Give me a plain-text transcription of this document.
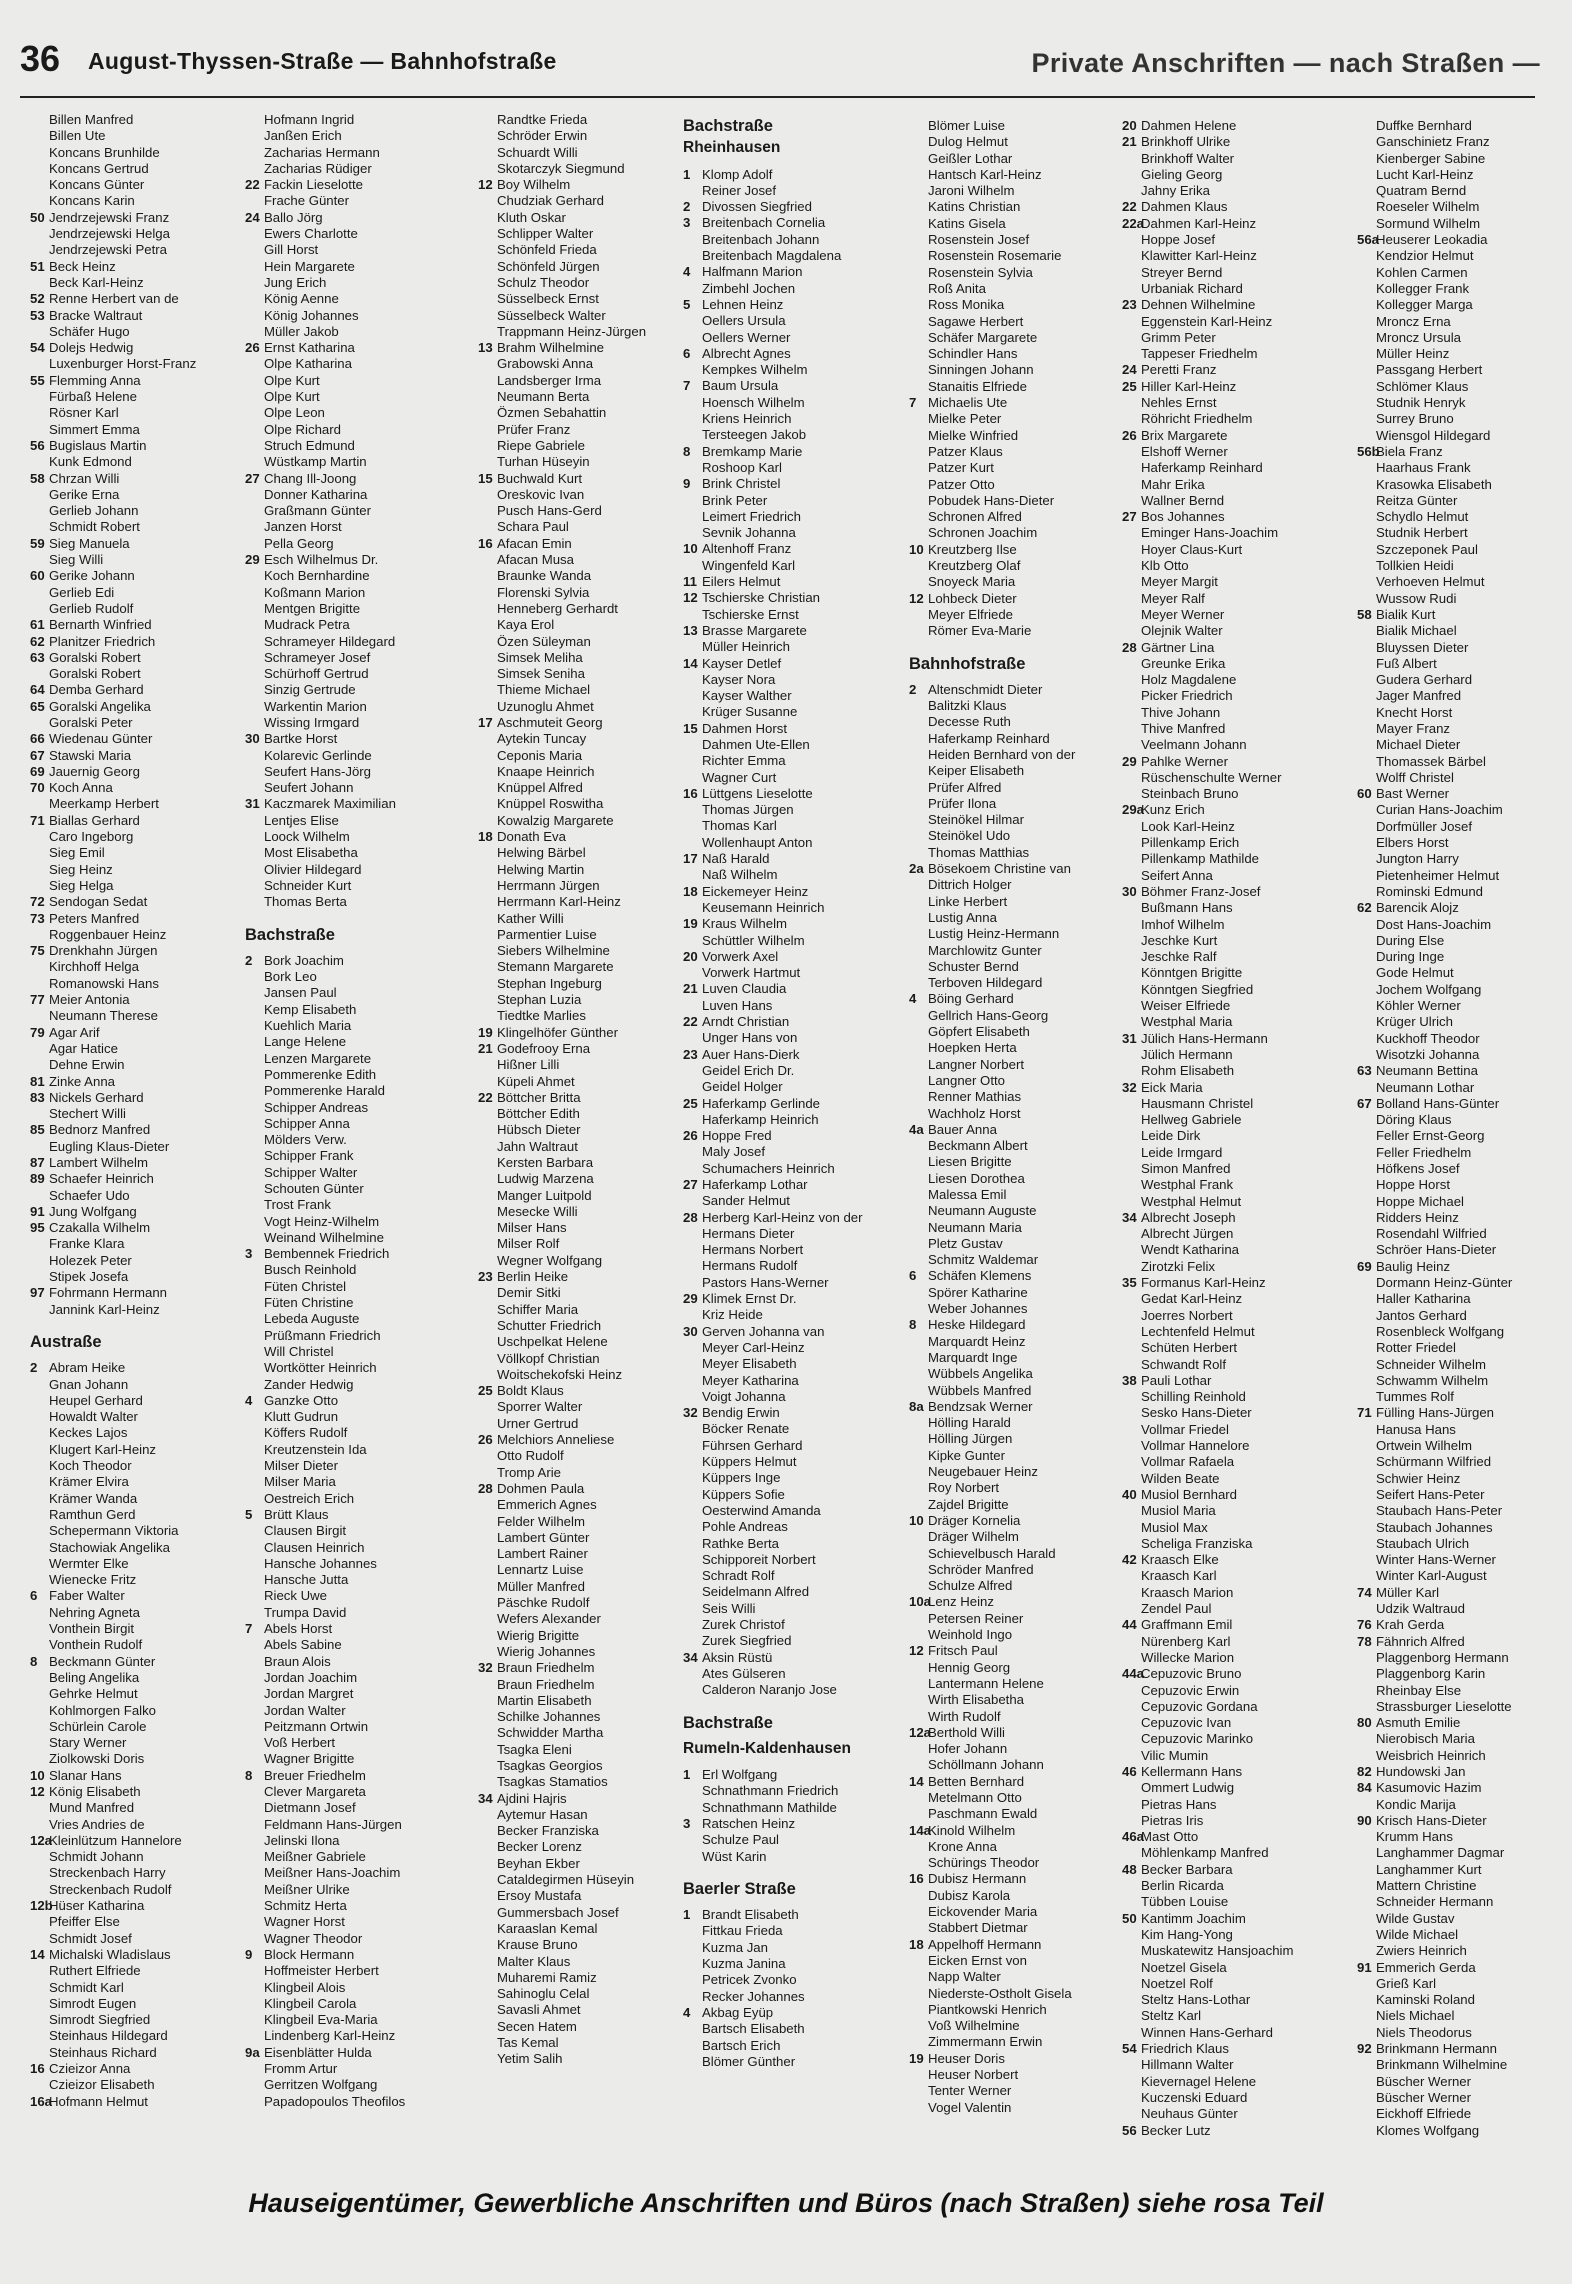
36 August-Thyssen-Straße — Bahnhofstraße	Private Anschriften — nach Straßen —
Billen Manfred
Billen Ute
Koncans Brunhilde
Koncans Gertrud
Koncans Günter
Koncans Karin
50 Jendrzejewski Franz
Jendrzejewski Helga
Jendrzejewski Petra
51 Beck Heinz
Beck Karl-Heinz
52 Renne Herbert van de
53 Bracke Waltraut
Schäfer Hugo
54 Dolejs Hedwig
Luxenburger Horst-Franz
55 Flemming Anna
Fürbaß Helene
Rösner Karl
Simmert Emma
56 Bugislaus Martin
Kunk Edmond
58 Chrzan Willi
Gerike Erna
Gerlieb Johann
Schmidt Robert
59 Sieg Manuela
Sieg Willi
60 Gerike Johann
Gerlieb Edi
Gerlieb Rudolf
61 Bernarth Winfried
62 Planitzer Friedrich
63 Goralski Robert
Goralski Robert
64 Demba Gerhard
65 Goralski Angelika
Goralski Peter
66 Wiedenau Günter
67 Stawski Maria
69 Jauernig Georg
70 Koch Anna
Meerkamp Herbert
71 Biallas Gerhard
Caro Ingeborg
Sieg Emil
Sieg Heinz
Sieg Helga
72 Sendogan Sedat
73 Peters Manfred
Roggenbauer Heinz
75 Drenkhahn Jürgen
Kirchhoff Helga
Romanowski Hans
77 Meier Antonia
Neumann Therese
79 Agar Arif
Agar Hatice
Dehne Erwin
81 Zinke Anna
83 Nickels Gerhard
Stechert Willi
85 Bednorz Manfred
Eugling Klaus-Dieter
87 Lambert Wilhelm
89 Schaefer Heinrich
Schaefer Udo
91 Jung Wolfgang
95 Czakalla Wilhelm
Franke Klara
Holezek Peter
Stipek Josefa
97 Fohrmann Hermann
Jannink Karl-Heinz
Austraße
2 Abram Heike
Gnan Johann
Heupel Gerhard
Howaldt Walter
Keckes Lajos
Klugert Karl-Heinz
Koch Theodor
Krämer Elvira
Krämer Wanda
Ramthun Gerd
Schepermann Viktoria
Stachowiak Angelika
Wermter Elke
Wienecke Fritz
6 Faber Walter
Nehring Agneta
Vonthein Birgit
Vonthein Rudolf
8 Beckmann Günter
Beling Angelika
Gehrke Helmut
Kohlmorgen Falko
Schürlein Carole
Stary Werner
Ziolkowski Doris
10 Slanar Hans
12 König Elisabeth
Mund Manfred
Vries Andries de
12aKleinlützum Hannelore
Schmidt Johann
Streckenbach Harry
Streckenbach Rudolf
12bHüser Katharina
Pfeiffer Else
Schmidt Josef
14 Michalski Wladislaus
Ruthert Elfriede
Schmidt Karl
Simrodt Eugen
Simrodt Siegfried
Steinhaus Hildegard
Steinhaus Richard
16 Czieizor Anna
Czieizor Elisabeth
16aHofmann Helmut
Hofmann Ingrid
Janßen Erich
Zacharias Hermann
Zacharias Rüdiger
22 Fackin Lieselotte
Frache Günter
24 Ballo Jörg
Ewers Charlotte
Gill Horst
Hein Margarete
Jung Erich
König Aenne
König Johannes
Müller Jakob
26 Ernst Katharina
Olpe Katharina
Olpe Kurt
Olpe Kurt
Olpe Leon
Olpe Richard
Struch Edmund
Wüstkamp Martin
27 Chang Ill-Joong
Donner Katharina
Graßmann Günter
Janzen Horst
Pella Georg
29 Esch Wilhelmus Dr.
Koch Bernhardine
Koßmann Marion
Mentgen Brigitte
Mudrack Petra
Schrameyer Hildegard
Schrameyer Josef
Schürhoff Gertrud
Sinzig Gertrude
Warkentin Marion
Wissing Irmgard
30 Bartke Horst
Kolarevic Gerlinde
Seufert Hans-Jörg
Seufert Johann
31 Kaczmarek Maximilian
Lentjes Elise
Loock Wilhelm
Most Elisabetha
Olivier Hildegard
Schneider Kurt
Thomas Berta
Bachstraße
2 Bork Joachim
Bork Leo
Jansen Paul
Kemp Elisabeth
Kuehlich Maria
Lange Helene
Lenzen Margarete
Pommerenke Edith
Pommerenke Harald
Schipper Andreas
Schipper Anna
Mölders Verw.
Schipper Frank
Schipper Walter
Schouten Günter
Trost Frank
Vogt Heinz-Wilhelm
Weinand Wilhelmine
3 Bembennek Friedrich
Busch Reinhold
Füten Christel
Füten Christine
Lebeda Auguste
Prüßmann Friedrich
Will Christel
Wortkötter Heinrich
Zander Hedwig
4 Ganzke Otto
Klutt Gudrun
Köffers Rudolf
Kreutzenstein Ida
Milser Dieter
Milser Maria
Oestreich Erich
5 Brütt Klaus
Clausen Birgit
Clausen Heinrich
Hansche Johannes
Hansche Jutta
Rieck Uwe
Trumpa David
7 Abels Horst
Abels Sabine
Braun Alois
Jordan Joachim
Jordan Margret
Jordan Walter
Peitzmann Ortwin
Voß Herbert
Wagner Brigitte
8 Breuer Friedhelm
Clever Margareta
Dietmann Josef
Feldmann Hans-Jürgen
Jelinski Ilona
Meißner Gabriele
Meißner Hans-Joachim
Meißner Ulrike
Schmitz Herta
Wagner Horst
Wagner Theodor
9 Block Hermann
Hoffmeister Herbert
Klingbeil Alois
Klingbeil Carola
Klingbeil Eva-Maria
Lindenberg Karl-Heinz
9a Eisenblätter Hulda
Fromm Artur
Gerritzen Wolfgang
Papadopoulos Theofilos
Randtke Frieda
Schröder Erwin
Schuardt Willi
Skotarczyk Siegmund
12 Boy Wilhelm
Chudziak Gerhard
Kluth Oskar
Schlipper Walter
Schönfeld Frieda
Schönfeld Jürgen
Schulz Theodor
Süsselbeck Ernst
Süsselbeck Walter
Trappmann Heinz-Jürgen
13 Brahm Wilhelmine
Grabowski Anna
Landsberger Irma
Neumann Berta
Özmen Sebahattin
Prüfer Franz
Riepe Gabriele
Turhan Hüseyin
15 Buchwald Kurt
Oreskovic Ivan
Pusch Hans-Gerd
Schara Paul
16 Afacan Emin
Afacan Musa
Braunke Wanda
Florenski Sylvia
Henneberg Gerhardt
Kaya Erol
Özen Süleyman
Simsek Meliha
Simsek Seniha
Thieme Michael
Uzunoglu Ahmet
17 Aschmuteit Georg
Aytekin Tuncay
Ceponis Maria
Knaape Heinrich
Knüppel Alfred
Knüppel Roswitha
Kowalzig Margarete
18 Donath Eva
Helwing Bärbel
Helwing Martin
Herrmann Jürgen
Herrmann Karl-Heinz
Kather Willi
Parmentier Luise
Siebers Wilhelmine
Stemann Margarete
Stephan Ingeburg
Stephan Luzia
Tiedtke Marlies
19 Klingelhöfer Günther
21 Godefrooy Erna
Hißner Lilli
Küpeli Ahmet
22 Böttcher Britta
Böttcher Edith
Hübsch Dieter
Jahn Waltraut
Kersten Barbara
Ludwig Marzena
Manger Luitpold
Mesecke Willi
Milser Hans
Milser Rolf
Wegner Wolfgang
23 Berlin Heike
Demir Sitki
Schiffer Maria
Schutter Friedrich
Uschpelkat Helene
Völlkopf Christian
Woitschekofski Heinz
25 Boldt Klaus
Sporrer Walter
Urner Gertrud
26 Melchiors Anneliese
Otto Rudolf
Tromp Arie
28 Dohmen Paula
Emmerich Agnes
Felder Wilhelm
Lambert Günter
Lambert Rainer
Lennartz Luise
Müller Manfred
Päschke Rudolf
Wefers Alexander
Wierig Brigitte
Wierig Johannes
32 Braun Friedhelm
Braun Friedhelm
Martin Elisabeth
Schilke Johannes
Schwidder Martha
Tsagka Eleni
Tsagkas Georgios
Tsagkas Stamatios
34 Ajdini Hajris
Aytemur Hasan
Becker Franziska
Becker Lorenz
Beyhan Ekber
Cataldegirmen Hüseyin
Ersoy Mustafa
Gummersbach Josef
Karaaslan Kemal
Krause Bruno
Malter Klaus
Muharemi Ramiz
Sahinoglu Celal
Savasli Ahmet
Secen Hatem
Tas Kemal
Yetim Salih
Bachstraße
Rheinhausen
1 Klomp Adolf
Reiner Josef
2 Divossen Siegfried
3 Breitenbach Cornelia
Breitenbach Johann
Breitenbach Magdalena
4 Halfmann Marion
Zimbehl Jochen
5 Lehnen Heinz
Oellers Ursula
Oellers Werner
6 Albrecht Agnes
Kempkes Wilhelm
7 Baum Ursula
Hoensch Wilhelm
Kriens Heinrich
Tersteegen Jakob
8 Bremkamp Marie
Roshoop Karl
9 Brink Christel
Brink Peter
Leimert Friedrich
Sevnik Johanna
10 Altenhoff Franz
Wingenfeld Karl
11 Eilers Helmut
12 Tschierske Christian
Tschierske Ernst
13 Brasse Margarete
Müller Heinrich
14 Kayser Detlef
Kayser Nora
Kayser Walther
Krüger Susanne
15 Dahmen Horst
Dahmen Ute-Ellen
Richter Emma
Wagner Curt
16 Lüttgens Lieselotte
Thomas Jürgen
Thomas Karl
Wollenhaupt Anton
17 Naß Harald
Naß Wilhelm
18 Eickemeyer Heinz
Keusemann Heinrich
19 Kraus Wilhelm
Schüttler Wilhelm
20 Vorwerk Axel
Vorwerk Hartmut
21 Luven Claudia
Luven Hans
22 Arndt Christian
Unger Hans von
23 Auer Hans-Dierk
Geidel Erich Dr.
Geidel Holger
25 Haferkamp Gerlinde
Haferkamp Heinrich
26 Hoppe Fred
Maly Josef
Schumachers Heinrich
27 Haferkamp Lothar
Sander Helmut
28 Herberg Karl-Heinz von der
Hermans Dieter
Hermans Norbert
Hermans Rudolf
Pastors Hans-Werner
29 Klimek Ernst Dr.
Kriz Heide
30 Gerven Johanna van
Meyer Carl-Heinz
Meyer Elisabeth
Meyer Katharina
Voigt Johanna
32 Bendig Erwin
Böcker Renate
Führsen Gerhard
Küppers Helmut
Küppers Inge
Küppers Sofie
Oesterwind Amanda
Pohle Andreas
Rathke Berta
Schipporeit Norbert
Schradt Rolf
Seidelmann Alfred
Seis Willi
Zurek Christof
Zurek Siegfried
34 Aksin Rüstü
Ates Gülseren
Calderon Naranjo Jose
Bachstraße
Rumeln-Kaldenhausen
1 Erl Wolfgang
Schnathmann Friedrich
Schnathmann Mathilde
3 Ratschen Heinz
Schulze Paul
Wüst Karin
Baerler Straße
1 Brandt Elisabeth
Fittkau Frieda
Kuzma Jan
Kuzma Janina
Petricek Zvonko
Recker Johannes
4 Akbag Eyüp
Bartsch Elisabeth
Bartsch Erich
Blömer Günther
Blömer Luise
Dulog Helmut
Geißler Lothar
Hantsch Karl-Heinz
Jaroni Wilhelm
Katins Christian
Katins Gisela
Rosenstein Josef
Rosenstein Rosemarie
Rosenstein Sylvia
Roß Anita
Ross Monika
Sagawe Herbert
Schäfer Margarete
Schindler Hans
Sinningen Johann
Stanaitis Elfriede
7 Michaelis Ute
Mielke Peter
Mielke Winfried
Patzer Klaus
Patzer Kurt
Patzer Otto
Pobudek Hans-Dieter
Schronen Alfred
Schronen Joachim
10 Kreutzberg Ilse
Kreutzberg Olaf
Snoyeck Maria
12 Lohbeck Dieter
Meyer Elfriede
Römer Eva-Marie
Bahnhofstraße
2 Altenschmidt Dieter
Balitzki Klaus
Decesse Ruth
Haferkamp Reinhard
Heiden Bernhard von der
Keiper Elisabeth
Prüfer Alfred
Prüfer Ilona
Steinökel Hilmar
Steinökel Udo
Thomas Matthias
2a Bösekoem Christine van
Dittrich Holger
Linke Herbert
Lustig Anna
Lustig Heinz-Hermann
Marchlowitz Gunter
Schuster Bernd
Terboven Hildegard
4 Böing Gerhard
Gellrich Hans-Georg
Göpfert Elisabeth
Hoepken Herta
Langner Norbert
Langner Otto
Renner Mathias
Wachholz Horst
4a Bauer Anna
Beckmann Albert
Liesen Brigitte
Liesen Dorothea
Malessa Emil
Neumann Auguste
Neumann Maria
Pletz Gustav
Schmitz Waldemar
6 Schäfen Klemens
Spörer Katharine
Weber Johannes
8 Heske Hildegard
Marquardt Heinz
Marquardt Inge
Wübbels Angelika
Wübbels Manfred
8a Bendzsak Werner
Hölling Harald
Hölling Jürgen
Kipke Gunter
Neugebauer Heinz
Roy Norbert
Zajdel Brigitte
10 Dräger Kornelia
Dräger Wilhelm
Schievelbusch Harald
Schröder Manfred
Schulze Alfred
10aLenz Heinz
Petersen Reiner
Weinhold Ingo
12 Fritsch Paul
Hennig Georg
Lantermann Helene
Wirth Elisabetha
Wirth Rudolf
12aBerthold Willi
Hofer Johann
Schöllmann Johann
14 Betten Bernhard
Metelmann Otto
Paschmann Ewald
14aKinold Wilhelm
Krone Anna
Schürings Theodor
16 Dubisz Hermann
Dubisz Karola
Eickovender Maria
Stabbert Dietmar
18 Appelhoff Hermann
Eicken Ernst von
Napp Walter
Niederste-Ostholt Gisela
Piantkowski Henrich
Voß Wilhelmine
Zimmermann Erwin
19 Heuser Doris
Heuser Norbert
Tenter Werner
Vogel Valentin
20 Dahmen Helene
21 Brinkhoff Ulrike
Brinkhoff Walter
Gieling Georg
Jahny Erika
22 Dahmen Klaus
22aDahmen Karl-Heinz
Hoppe Josef
Klawitter Karl-Heinz
Streyer Bernd
Urbaniak Richard
23 Dehnen Wilhelmine
Eggenstein Karl-Heinz
Grimm Peter
Tappeser Friedhelm
24 Peretti Franz
25 Hiller Karl-Heinz
Nehles Ernst
Röhricht Friedhelm
26 Brix Margarete
Elshoff Werner
Haferkamp Reinhard
Mahr Erika
Wallner Bernd
27 Bos Johannes
Eminger Hans-Joachim
Hoyer Claus-Kurt
Klb Otto
Meyer Margit
Meyer Ralf
Meyer Werner
Olejnik Walter
28 Gärtner Lina
Greunke Erika
Holz Magdalene
Picker Friedrich
Thive Johann
Thive Manfred
Veelmann Johann
29 Pahlke Werner
Rüschenschulte Werner
Steinbach Bruno
29aKunz Erich
Look Karl-Heinz
Pillenkamp Erich
Pillenkamp Mathilde
Seifert Anna
30 Böhmer Franz-Josef
Bußmann Hans
Imhof Wilhelm
Jeschke Kurt
Jeschke Ralf
Könntgen Brigitte
Könntgen Siegfried
Weiser Elfriede
Westphal Maria
31 Jülich Hans-Hermann
Jülich Hermann
Rohm Elisabeth
32 Eick Maria
Hausmann Christel
Hellweg Gabriele
Leide Dirk
Leide Irmgard
Simon Manfred
Westphal Frank
Westphal Helmut
34 Albrecht Joseph
Albrecht Jürgen
Wendt Katharina
Zirotzki Felix
35 Formanus Karl-Heinz
Gedat Karl-Heinz
Joerres Norbert
Lechtenfeld Helmut
Schüten Herbert
Schwandt Rolf
38 Pauli Lothar
Schilling Reinhold
Sesko Hans-Dieter
Vollmar Friedel
Vollmar Hannelore
Vollmar Rafaela
Wilden Beate
40 Musiol Bernhard
Musiol Maria
Musiol Max
Scheliga Franziska
42 Kraasch Elke
Kraasch Karl
Kraasch Marion
Zendel Paul
44 Graffmann Emil
Nürenberg Karl
Willecke Marion
44aCepuzovic Bruno
Cepuzovic Erwin
Cepuzovic Gordana
Cepuzovic Ivan
Cepuzovic Marinko
Vilic Mumin
46 Kellermann Hans
Ommert Ludwig
Pietras Hans
Pietras Iris
46aMast Otto
Möhlenkamp Manfred
48 Becker Barbara
Berlin Ricarda
Tübben Louise
50 Kantimm Joachim
Kim Hang-Yong
Muskatewitz Hansjoachim
Noetzel Gisela
Noetzel Rolf
Steltz Hans-Lothar
Steltz Karl
Winnen Hans-Gerhard
54 Friedrich Klaus
Hillmann Walter
Kievernagel Helene
Kuczenski Eduard
Neuhaus Günter
56 Becker Lutz
Duffke Bernhard
Ganschinietz Franz
Kienberger Sabine
Lucht Karl-Heinz
Quatram Bernd
Roeseler Wilhelm
Sormund Wilhelm
56aHeuserer Leokadia
Kendzior Helmut
Kohlen Carmen
Kollegger Frank
Kollegger Marga
Mroncz Erna
Mroncz Ursula
Müller Heinz
Passgang Herbert
Schlömer Klaus
Studnik Henryk
Surrey Bruno
Wiensgol Hildegard
56bBiela Franz
Haarhaus Frank
Krasowka Elisabeth
Reitza Günter
Schydlo Helmut
Studnik Herbert
Szczeponek Paul
Tollkien Heidi
Verhoeven Helmut
Wussow Rudi
58 Bialik Kurt
Bialik Michael
Bluyssen Dieter
Fuß Albert
Gudera Gerhard
Jager Manfred
Knecht Horst
Mayer Franz
Michael Dieter
Thomassek Bärbel
Wolff Christel
60 Bast Werner
Curian Hans-Joachim
Dorfmüller Josef
Elbers Horst
Jungton Harry
Pietenheimer Helmut
Rominski Edmund
62 Barencik Alojz
Dost Hans-Joachim
During Else
During Inge
Gode Helmut
Jochem Wolfgang
Köhler Werner
Krüger Ulrich
Kuckhoff Theodor
Wisotzki Johanna
63 Neumann Bettina
Neumann Lothar
67 Bolland Hans-Günter
Döring Klaus
Feller Ernst-Georg
Feller Friedhelm
Höfkens Josef
Hoppe Horst
Hoppe Michael
Ridders Heinz
Rosendahl Wilfried
Schröer Hans-Dieter
69 Baulig Heinz
Dormann Heinz-Günter
Haller Katharina
Jantos Gerhard
Rosenbleck Wolfgang
Rotter Friedel
Schneider Wilhelm
Schwamm Wilhelm
Tummes Rolf
71 Fülling Hans-Jürgen
Hanusa Hans
Ortwein Wilhelm
Schürmann Wilfried
Schwier Heinz
Seifert Hans-Peter
Staubach Hans-Peter
Staubach Johannes
Staubach Ulrich
Winter Hans-Werner
Winter Karl-August
74 Müller Karl
Udzik Waltraud
76 Krah Gerda
78 Fähnrich Alfred
Plaggenborg Hermann
Plaggenborg Karin
Rheinbay Else
Strassburger Lieselotte
80 Asmuth Emilie
Nierobisch Maria
Weisbrich Heinrich
82 Hundowski Jan
84 Kasumovic Hazim
Kondic Marija
90 Krisch Hans-Dieter
Krumm Hans
Langhammer Dagmar
Langhammer Kurt
Mattern Christine
Schneider Hermann
Wilde Gustav
Wilde Michael
Zwiers Heinrich
91 Emmerich Gerda
Grieß Karl
Kaminski Roland
Niels Michael
Niels Theodorus
92 Brinkmann Hermann
Brinkmann Wilhelmine
Büscher Werner
Büscher Werner
Eickhoff Elfriede
Klomes Wolfgang
Hauseigentümer, Gewerbliche Anschriften und Büros (nach Straßen) siehe rosa Teil
